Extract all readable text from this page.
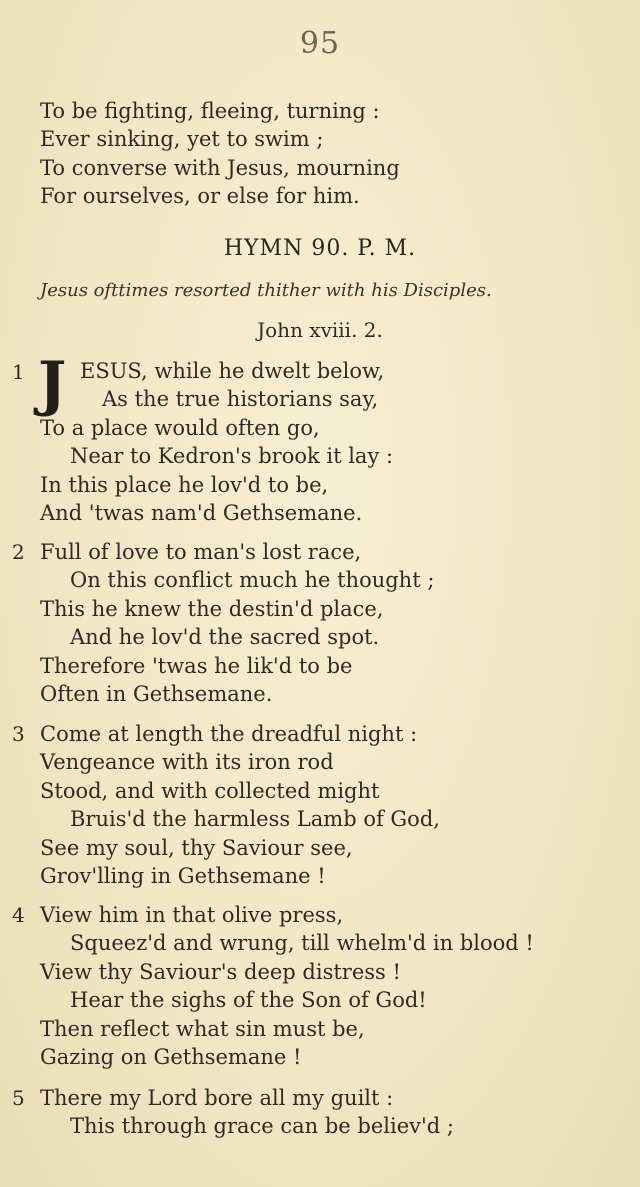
95
To be fighting, fleeing, turning :
Ever sinking, yet to swim ;
To converse with Jesus, mourning
For ourselves, or else for him.
HYMN 90. P. M.
Jesus ofttimes resorted thither with his Disciples.
John xviii. 2.
1 J ESUS, while he dwelt below,
As the true historians say,
To a place would often go,
Near to Kedron's brook it lay :
In this place he lov'd to be,
And 'twas nam'd Gethsemane.
2 Full of love to man's lost race,
On this conflict much he thought ;
This he knew the destin'd place,
And he lov'd the sacred spot.
Therefore 'twas he lik'd to be
Often in Gethsemane.
3 Come at length the dreadful night :
Vengeance with its iron rod
Stood, and with collected might
Bruis'd the harmless Lamb of God,
See my soul, thy Saviour see,
Grov'lling in Gethsemane !
4 View him in that olive press,
Squeez'd and wrung, till whelm'd in blood !
View thy Saviour's deep distress !
Hear the sighs of the Son of God!
Then reflect what sin must be,
Gazing on Gethsemane !
5 There my Lord bore all my guilt :
This through grace can be believ'd ;
